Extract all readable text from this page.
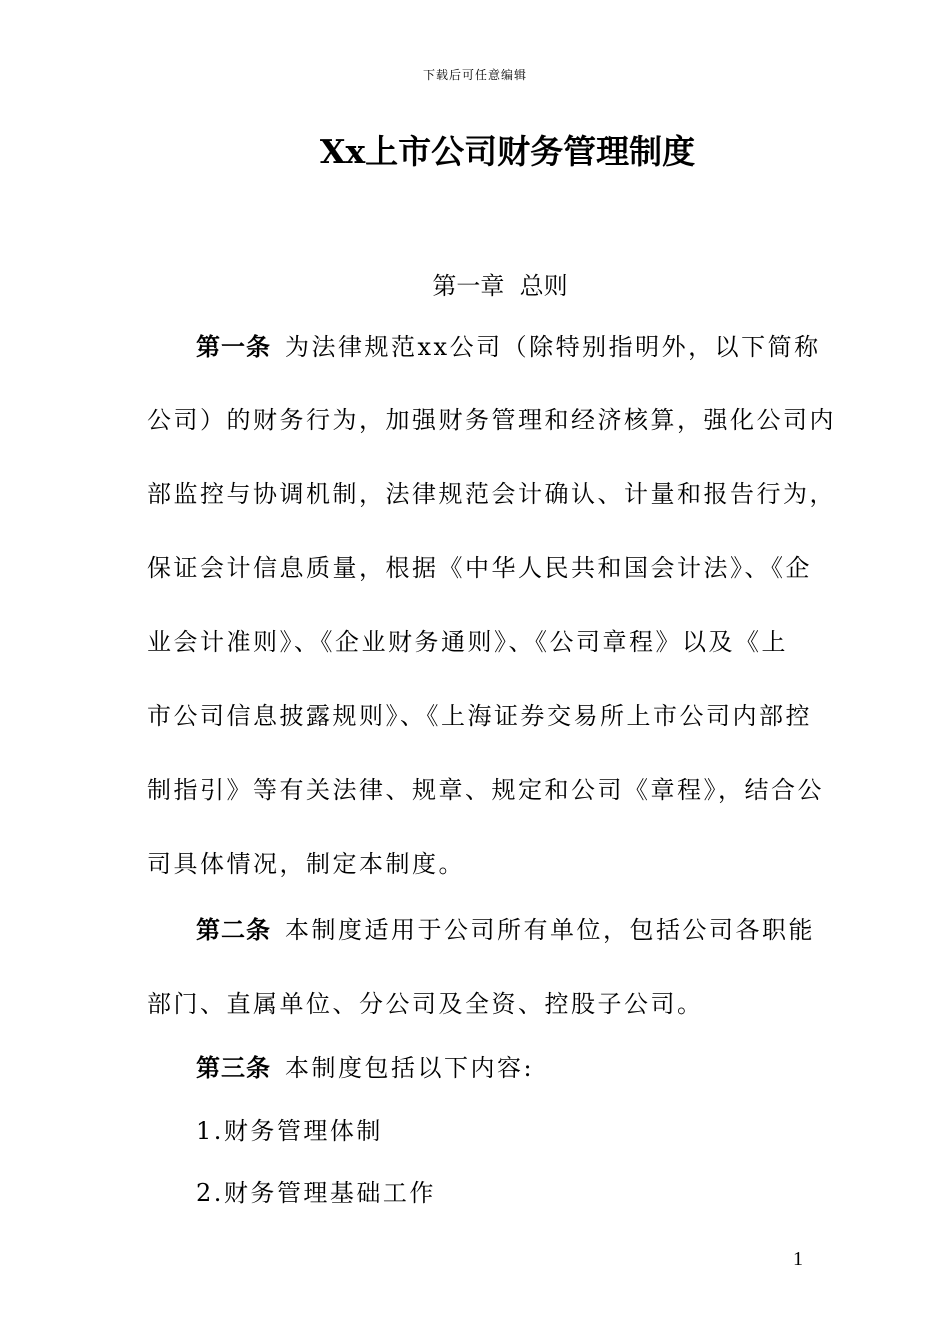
下载后可任意编辑
Xx上市公司财务管理制度
第一章 总则
第一条 为法律规范xx公司（除特别指明外，以下简称
公司）的财务行为，加强财务管理和经济核算，强化公司内
部监控与协调机制，法律规范会计确认、计量和报告行为，
保证会计信息质量，根据《中华人民共和国会计法》、《企
业会计准则》、《企业财务通则》、《公司章程》以及《上
市公司信息披露规则》、《上海证券交易所上市公司内部控
制指引》等有关法律、规章、规定和公司《章程》，结合公
司具体情况，制定本制度。
第二条 本制度适用于公司所有单位，包括公司各职能
部门、直属单位、分公司及全资、控股子公司。
第三条 本制度包括以下内容:
1.财务管理体制
2.财务管理基础工作
1
